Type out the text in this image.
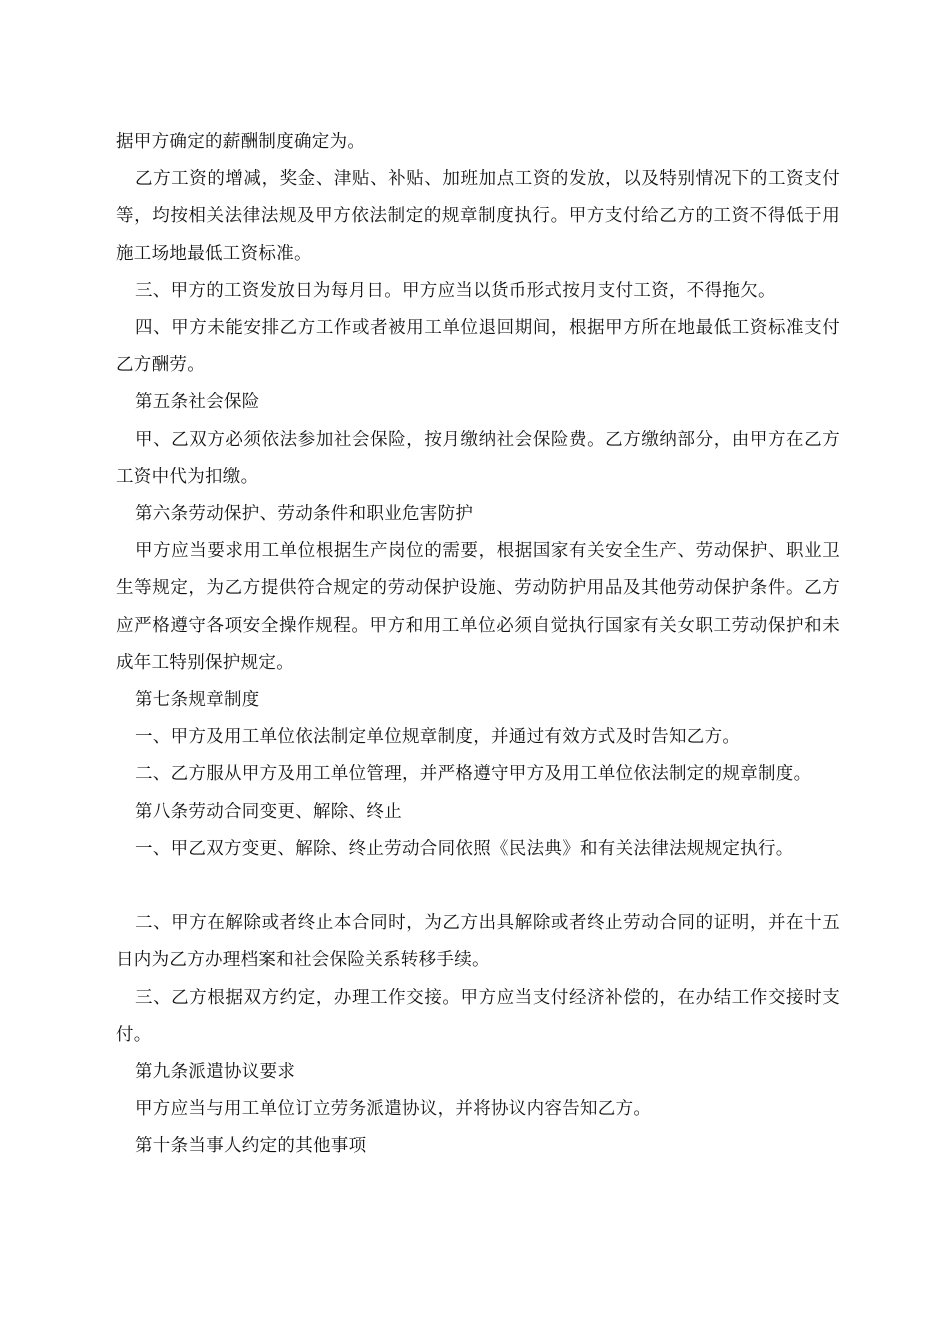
据甲方确定的薪酬制度确定为。

乙方工资的增减，奖金、津贴、补贴、加班加点工资的发放，以及特别情况下的工资支付等，均按相关法律法规及甲方依法制定的规章制度执行。甲方支付给乙方的工资不得低于用施工场地最低工资标准。

三、甲方的工资发放日为每月日。甲方应当以货币形式按月支付工资，不得拖欠。

四、甲方未能安排乙方工作或者被用工单位退回期间，根据甲方所在地最低工资标准支付乙方酬劳。

第五条社会保险

甲、乙双方必须依法参加社会保险，按月缴纳社会保险费。乙方缴纳部分，由甲方在乙方工资中代为扣缴。

第六条劳动保护、劳动条件和职业危害防护

甲方应当要求用工单位根据生产岗位的需要，根据国家有关安全生产、劳动保护、职业卫生等规定，为乙方提供符合规定的劳动保护设施、劳动防护用品及其他劳动保护条件。乙方应严格遵守各项安全操作规程。甲方和用工单位必须自觉执行国家有关女职工劳动保护和未成年工特别保护规定。

第七条规章制度

一、甲方及用工单位依法制定单位规章制度，并通过有效方式及时告知乙方。

二、乙方服从甲方及用工单位管理，并严格遵守甲方及用工单位依法制定的规章制度。

第八条劳动合同变更、解除、终止

一、甲乙双方变更、解除、终止劳动合同依照《民法典》和有关法律法规规定执行。

二、甲方在解除或者终止本合同时，为乙方出具解除或者终止劳动合同的证明，并在十五日内为乙方办理档案和社会保险关系转移手续。

三、乙方根据双方约定，办理工作交接。甲方应当支付经济补偿的，在办结工作交接时支付。

第九条派遣协议要求

甲方应当与用工单位订立劳务派遣协议，并将协议内容告知乙方。

第十条当事人约定的其他事项
